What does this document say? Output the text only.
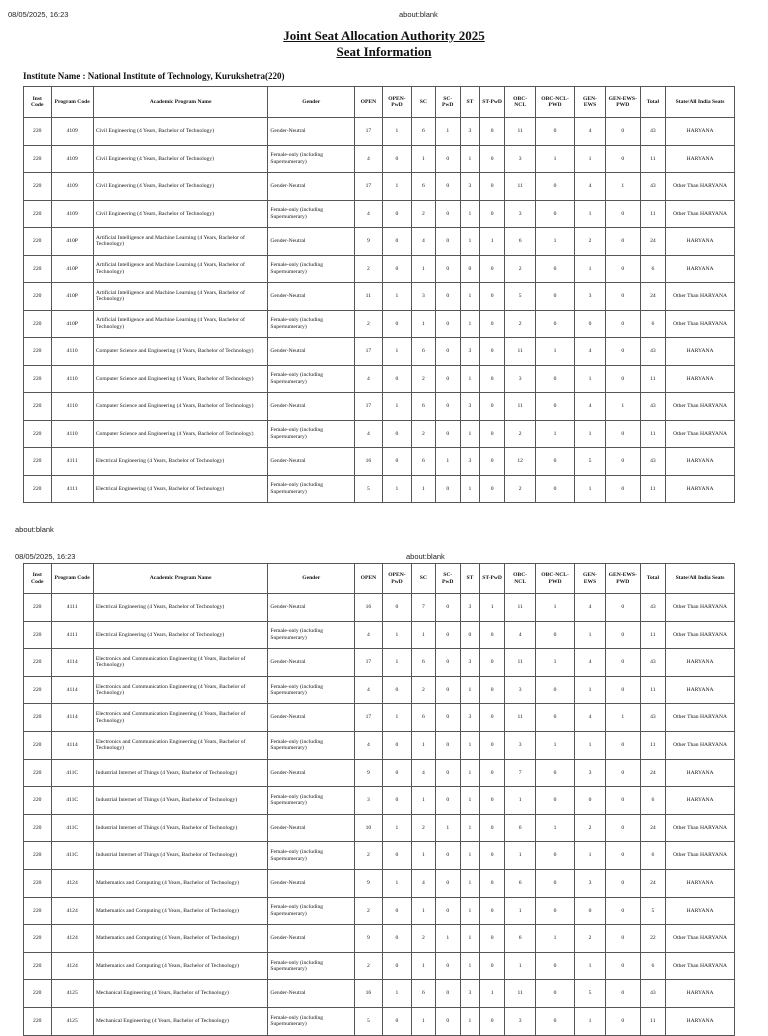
08/05/2025, 16:23	about:blank
Joint Seat Allocation Authority 2025
Seat Information
Institute Name : National Institute of Technology, Kurukshetra(220)
Inst Code	Program Code	Academic Program Name	Gender	OPEN	OPEN-PwD	SC	SC-PwD	ST	ST-PwD	OBC-NCL	OBC-NCL-PWD	GEN-EWS	GEN-EWS-PWD	Total	State/All India Seats
220	4109	Civil Engineering (4 Years, Bachelor of Technology)	Gender-Neutral	17	1	6	1	3	0	11	0	4	0	43	HARYANA
220	4109	Civil Engineering (4 Years, Bachelor of Technology)	Female-only (including Supernumerary)	4	0	1	0	1	0	3	1	1	0	11	HARYANA
220	4109	Civil Engineering (4 Years, Bachelor of Technology)	Gender-Neutral	17	1	6	0	3	0	11	0	4	1	43	Other Than HARYANA
220	4109	Civil Engineering (4 Years, Bachelor of Technology)	Female-only (including Supernumerary)	4	0	2	0	1	0	3	0	1	0	11	Other Than HARYANA
220	410P	Artificial Intelligence and Machine Learning (4 Years, Bachelor of Technology)	Gender-Neutral	9	0	4	0	1	1	6	1	2	0	24	HARYANA
220	410P	Artificial Intelligence and Machine Learning (4 Years, Bachelor of Technology)	Female-only (including Supernumerary)	2	0	1	0	0	0	2	0	1	0	6	HARYANA
220	410P	Artificial Intelligence and Machine Learning (4 Years, Bachelor of Technology)	Gender-Neutral	11	1	3	0	1	0	5	0	3	0	24	Other Than HARYANA
220	410P	Artificial Intelligence and Machine Learning (4 Years, Bachelor of Technology)	Female-only (including Supernumerary)	2	0	1	0	1	0	2	0	0	0	6	Other Than HARYANA
220	4110	Computer Science and Engineering (4 Years, Bachelor of Technology)	Gender-Neutral	17	1	6	0	3	0	11	1	4	0	43	HARYANA
220	4110	Computer Science and Engineering (4 Years, Bachelor of Technology)	Female-only (including Supernumerary)	4	0	2	0	1	0	3	0	1	0	11	HARYANA
220	4110	Computer Science and Engineering (4 Years, Bachelor of Technology)	Gender-Neutral	17	1	6	0	3	0	11	0	4	1	43	Other Than HARYANA
220	4110	Computer Science and Engineering (4 Years, Bachelor of Technology)	Female-only (including Supernumerary)	4	0	2	0	1	0	2	1	1	0	11	Other Than HARYANA
220	4111	Electrical Engineering (4 Years, Bachelor of Technology)	Gender-Neutral	16	0	6	1	3	0	12	0	5	0	43	HARYANA
220	4111	Electrical Engineering (4 Years, Bachelor of Technology)	Female-only (including Supernumerary)	5	1	1	0	1	0	2	0	1	0	11	HARYANA
about:blank
08/05/2025, 16:23	about:blank
Inst Code	Program Code	Academic Program Name	Gender	OPEN	OPEN-PwD	SC	SC-PwD	ST	ST-PwD	OBC-NCL	OBC-NCL-PWD	GEN-EWS	GEN-EWS-PWD	Total	State/All India Seats
220	4111	Electrical Engineering (4 Years, Bachelor of Technology)	Gender-Neutral	16	0	7	0	3	1	11	1	4	0	43	Other Than HARYANA
220	4111	Electrical Engineering (4 Years, Bachelor of Technology)	Female-only (including Supernumerary)	4	1	1	0	0	0	4	0	1	0	11	Other Than HARYANA
220	4114	Electronics and Communication Engineering (4 Years, Bachelor of Technology)	Gender-Neutral	17	1	6	0	3	0	11	1	4	0	43	HARYANA
220	4114	Electronics and Communication Engineering (4 Years, Bachelor of Technology)	Female-only (including Supernumerary)	4	0	2	0	1	0	3	0	1	0	11	HARYANA
220	4114	Electronics and Communication Engineering (4 Years, Bachelor of Technology)	Gender-Neutral	17	1	6	0	3	0	11	0	4	1	43	Other Than HARYANA
220	4114	Electronics and Communication Engineering (4 Years, Bachelor of Technology)	Female-only (including Supernumerary)	4	0	1	0	1	0	3	1	1	0	11	Other Than HARYANA
220	411C	Industrial Internet of Things (4 Years, Bachelor of Technology)	Gender-Neutral	9	0	4	0	1	0	7	0	3	0	24	HARYANA
220	411C	Industrial Internet of Things (4 Years, Bachelor of Technology)	Female-only (including Supernumerary)	3	0	1	0	1	0	1	0	0	0	6	HARYANA
220	411C	Industrial Internet of Things (4 Years, Bachelor of Technology)	Gender-Neutral	10	1	2	1	1	0	6	1	2	0	24	Other Than HARYANA
220	411C	Industrial Internet of Things (4 Years, Bachelor of Technology)	Female-only (including Supernumerary)	2	0	1	0	1	0	1	0	1	0	6	Other Than HARYANA
220	4124	Mathematics and Computing (4 Years, Bachelor of Technology)	Gender-Neutral	9	1	4	0	1	0	6	0	3	0	24	HARYANA
220	4124	Mathematics and Computing (4 Years, Bachelor of Technology)	Female-only (including Supernumerary)	2	0	1	0	1	0	1	0	0	0	5	HARYANA
220	4124	Mathematics and Computing (4 Years, Bachelor of Technology)	Gender-Neutral	9	0	2	1	1	0	6	1	2	0	22	Other Than HARYANA
220	4124	Mathematics and Computing (4 Years, Bachelor of Technology)	Female-only (including Supernumerary)	2	0	1	0	1	0	1	0	1	0	6	Other Than HARYANA
220	4125	Mechanical Engineering (4 Years, Bachelor of Technology)	Gender-Neutral	16	1	6	0	3	1	11	0	5	0	43	HARYANA
220	4125	Mechanical Engineering (4 Years, Bachelor of Technology)	Female-only (including Supernumerary)	5	0	1	0	1	0	3	0	1	0	11	HARYANA
